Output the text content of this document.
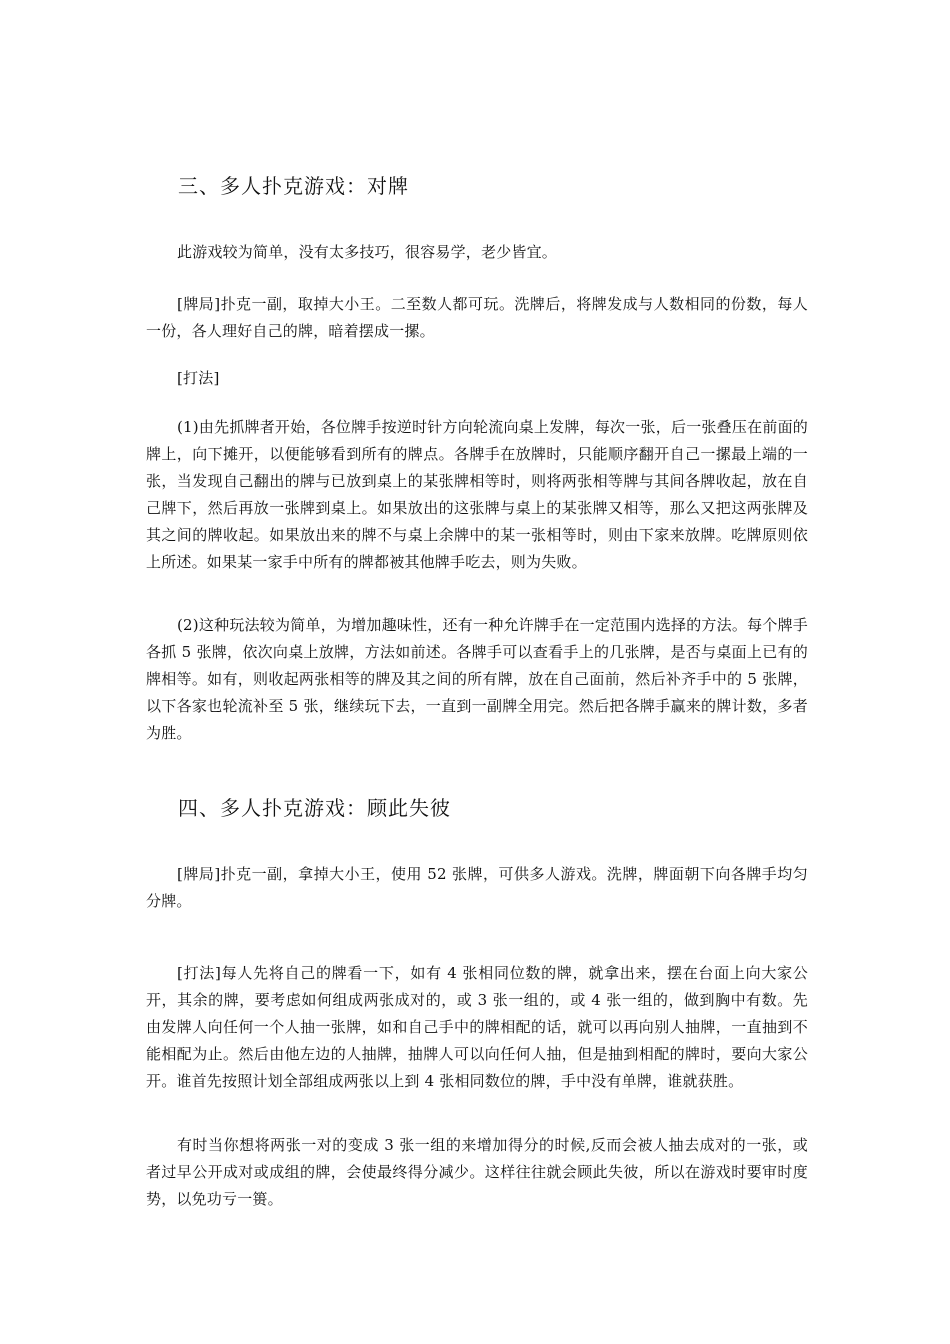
三、多人扑克游戏：对牌

此游戏较为简单，没有太多技巧，很容易学，老少皆宜。

[牌局]扑克一副，取掉大小王。二至数人都可玩。洗牌后，将牌发成与人数相同的份数，每人一份，各人理好自己的牌，暗着摆成一摞。

[打法]

(1)由先抓牌者开始，各位牌手按逆时针方向轮流向桌上发牌，每次一张，后一张叠压在前面的牌上，向下摊开，以便能够看到所有的牌点。各牌手在放牌时，只能顺序翻开自己一摞最上端的一张，当发现自己翻出的牌与已放到桌上的某张牌相等时，则将两张相等牌与其间各牌收起，放在自己牌下，然后再放一张牌到桌上。如果放出的这张牌与桌上的某张牌又相等，那么又把这两张牌及其之间的牌收起。如果放出来的牌不与桌上余牌中的某一张相等时，则由下家来放牌。吃牌原则依上所述。如果某一家手中所有的牌都被其他牌手吃去，则为失败。

(2)这种玩法较为简单，为增加趣味性，还有一种允许牌手在一定范围内选择的方法。每个牌手各抓 5 张牌，依次向桌上放牌，方法如前述。各牌手可以查看手上的几张牌，是否与桌面上已有的牌相等。如有，则收起两张相等的牌及其之间的所有牌，放在自己面前，然后补齐手中的 5 张牌，以下各家也轮流补至 5 张，继续玩下去，一直到一副牌全用完。然后把各牌手赢来的牌计数，多者为胜。

四、多人扑克游戏：顾此失彼

[牌局]扑克一副，拿掉大小王，使用 52 张牌，可供多人游戏。洗牌，牌面朝下向各牌手均匀分牌。

[打法]每人先将自己的牌看一下，如有 4 张相同位数的牌，就拿出来，摆在台面上向大家公开，其余的牌，要考虑如何组成两张成对的，或 3 张一组的，或 4 张一组的，做到胸中有数。先由发牌人向任何一个人抽一张牌，如和自己手中的牌相配的话，就可以再向别人抽牌，一直抽到不能相配为止。然后由他左边的人抽牌，抽牌人可以向任何人抽，但是抽到相配的牌时，要向大家公开。谁首先按照计划全部组成两张以上到 4 张相同数位的牌，手中没有单牌，谁就获胜。

有时当你想将两张一对的变成 3 张一组的来增加得分的时候,反而会被人抽去成对的一张，或者过早公开成对或成组的牌，会使最终得分减少。这样往往就会顾此失彼，所以在游戏时要审时度势，以免功亏一篑。
